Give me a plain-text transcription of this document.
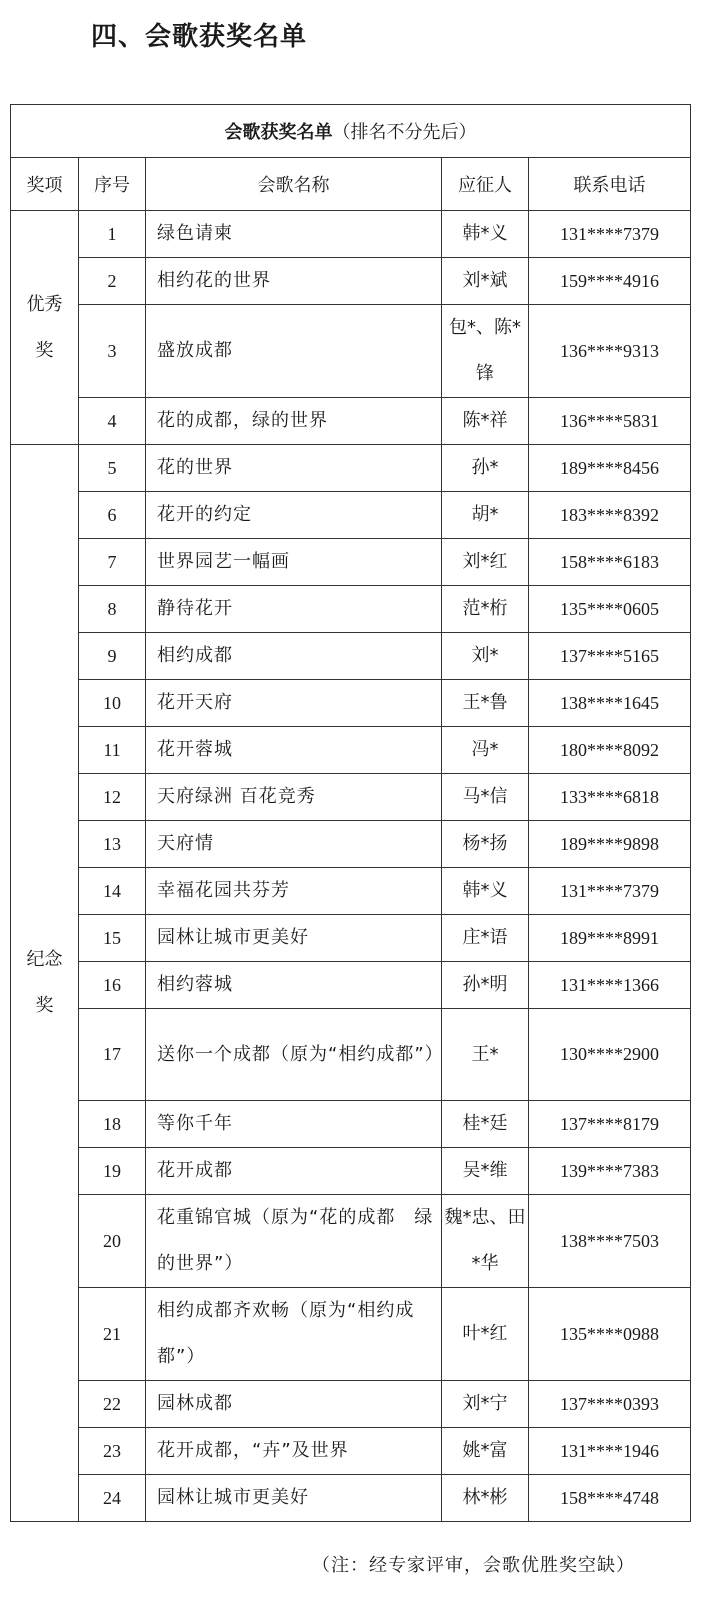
四、会歌获奖名单
会歌获奖名单（排名不分先后）				
奖项	序号	会歌名称	应征人	联系电话

优秀
奖	1	绿色请柬	韩*义	131****7379
	2	相约花的世界	刘*斌	159****4916
	3	盛放成都	包*、陈*锋	136****9313
	4	花的成都，绿的世界	陈*祥	136****5831

纪念
奖	5	花的世界	孙*	189****8456
	6	花开的约定	胡*	183****8392
	7	世界园艺一幅画	刘*红	158****6183
	8	静待花开	范*桁	135****0605
	9	相约成都	刘*	137****5165
	10	花开天府	王*鲁	138****1645
	11	花开蓉城	冯*	180****8092
	12	天府绿洲 百花竞秀	马*信	133****6818
	13	天府情	杨*扬	189****9898
	14	幸福花园共芬芳	韩*义	131****7379
	15	园林让城市更美好	庄*语	189****8991
	16	相约蓉城	孙*明	131****1366
	17	送你一个成都（原为“相约成都”）	王*	130****2900
	18	等你千年	桂*廷	137****8179
	19	花开成都	吴*维	139****7383
	20	花重锦官城（原为“花的成都　绿的世界”）	魏*忠、田*华	138****7503
	21	相约成都齐欢畅（原为“相约成都”）	叶*红	135****0988
	22	园林成都	刘*宁	137****0393
	23	花开成都，“卉”及世界	姚*富	131****1946
	24	园林让城市更美好	林*彬	158****4748
（注：经专家评审，会歌优胜奖空缺）
